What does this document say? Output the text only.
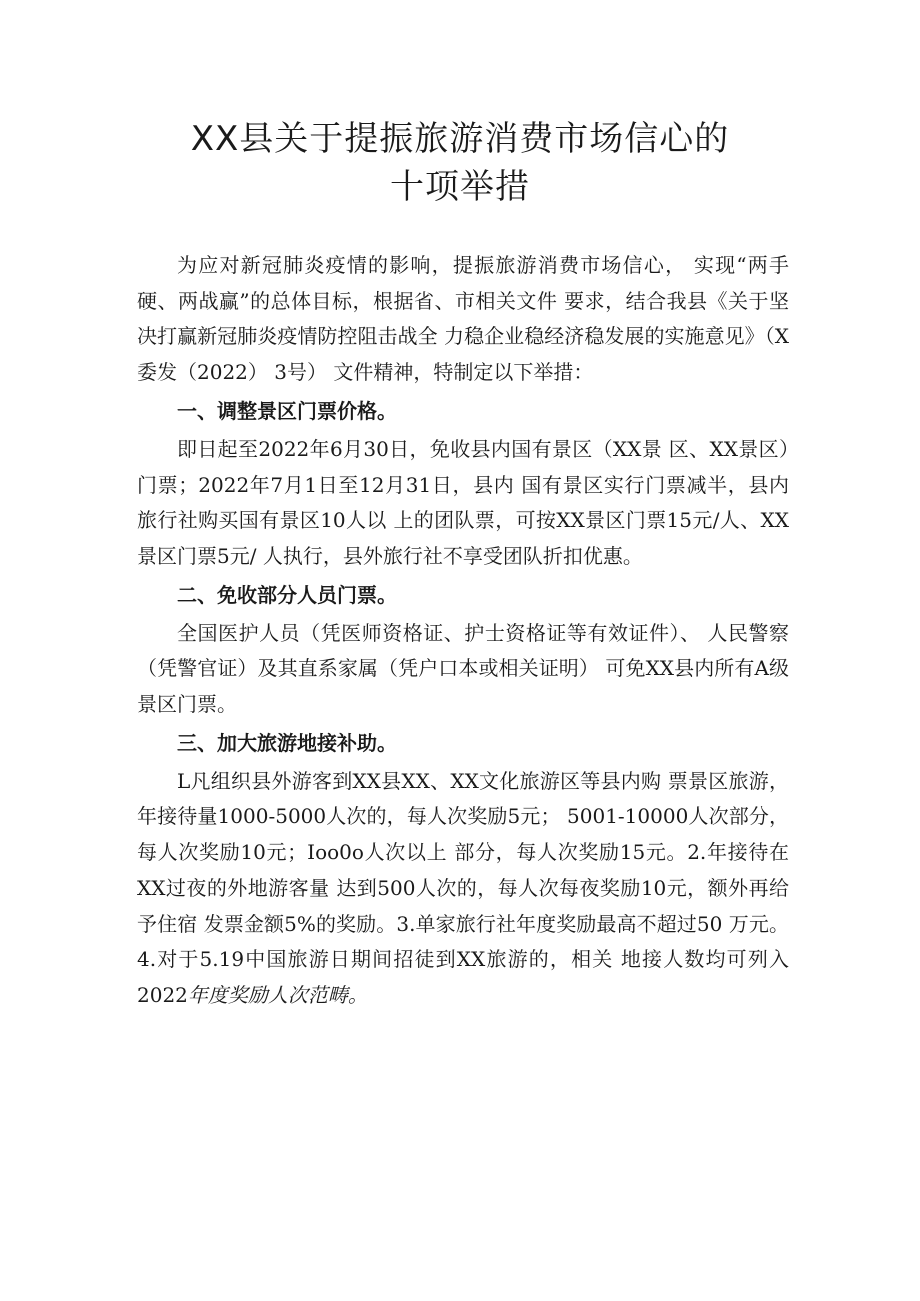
XX县关于提振旅游消费市场信心的
十项举措

为应对新冠肺炎疫情的影响，提振旅游消费市场信心， 实现“两手硬、两战赢”的总体目标，根据省、市相关文件 要求，结合我县《关于坚决打赢新冠肺炎疫情防控阻击战全 力稳企业稳经济稳发展的实施意见》（X委发（2022） 3号） 文件精神，特制定以下举措：

一、调整景区门票价格。

即日起至2022年6月30日，免收县内国有景区（XX景 区、XX景区）门票；2022年7月1日至12月31日，县内 国有景区实行门票减半，县内旅行社购买国有景区10人以 上的团队票，可按XX景区门票15元/人、XX景区门票5元/ 人执行，县外旅行社不享受团队折扣优惠。

二、免收部分人员门票。

全国医护人员（凭医师资格证、护士资格证等有效证件）、 人民警察（凭警官证）及其直系家属（凭户口本或相关证明） 可免XX县内所有A级景区门票。

三、加大旅游地接补助。

L凡组织县外游客到XX县XX、XX文化旅游区等县内购 票景区旅游，年接待量1000-5000人次的，每人次奖励5元； 5001-10000人次部分，每人次奖励10元；Ioo0o人次以上 部分，每人次奖励15元。2.年接待在XX过夜的外地游客量 达到500人次的，每人次每夜奖励10元，额外再给予住宿 发票金额5%的奖励。3.单家旅行社年度奖励最高不超过50 万元。4.对于5.19中国旅游日期间招徒到XX旅游的，相关 地接人数均可列入2022年度奖励人次范畴。
